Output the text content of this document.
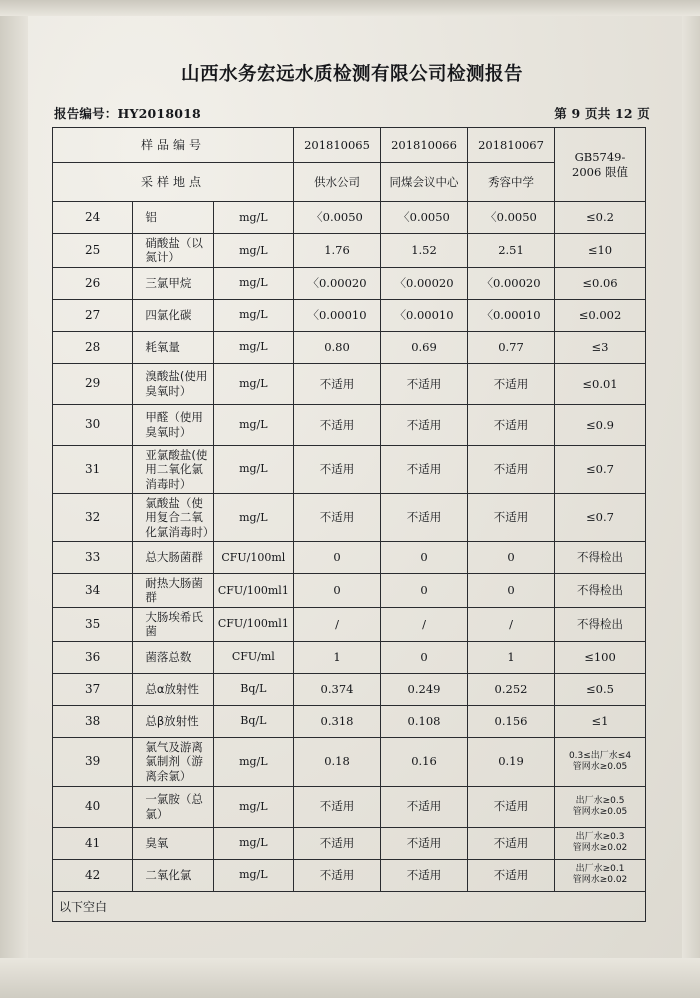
山西水务宏远水质检测有限公司检测报告
报告编号：HY2018018	第 9 页共 12 页
样品编号			201810065	201810066	201810067	GB5749-
2006 限值

采样地点			供水公司	同煤会议中心	秀容中学	
24	铝	mg/L	〈0.0050	〈0.0050	〈0.0050	≤0.2
25	硝酸盐（以氮计）	mg/L	1.76	1.52	2.51	≤10
26	三氯甲烷	mg/L	〈0.00020	〈0.00020	〈0.00020	≤0.06
27	四氯化碳	mg/L	〈0.00010	〈0.00010	〈0.00010	≤0.002
28	耗氧量	mg/L	0.80	0.69	0.77	≤3
29	溴酸盐(使用臭氧时）	mg/L	不适用	不适用	不适用	≤0.01
30	甲醛（使用臭氧时）	mg/L	不适用	不适用	不适用	≤0.9
31	亚氯酸盐(使用二氧化氯消毒时）	mg/L	不适用	不适用	不适用	≤0.7
32	氯酸盐（使用复合二氧化氯消毒时）	mg/L	不适用	不适用	不适用	≤0.7
33	总大肠菌群	CFU/100ml	0	0	0	不得检出
34	耐热大肠菌群	CFU/100ml1	0	0	0	不得检出
35	大肠埃希氏菌	CFU/100ml1	/	/	/	不得检出
36	菌落总数	CFU/ml	1	0	1	≤100
37	总α放射性	Bq/L	0.374	0.249	0.252	≤0.5
38	总β放射性	Bq/L	0.318	0.108	0.156	≤1
39	氯气及游离氯制剂（游离余氯）	mg/L	0.18	0.16	0.19	0.3≤出厂水≤4
管网水≥0.05

40	一氯胺（总氯）	mg/L	不适用	不适用	不适用	出厂水≥0.5
管网水≥0.05

41	臭氧	mg/L	不适用	不适用	不适用	出厂水≥0.3
管网水≥0.02

42	二氧化氯	mg/L	不适用	不适用	不适用	出厂水≥0.1
管网水≥0.02
以下空白
